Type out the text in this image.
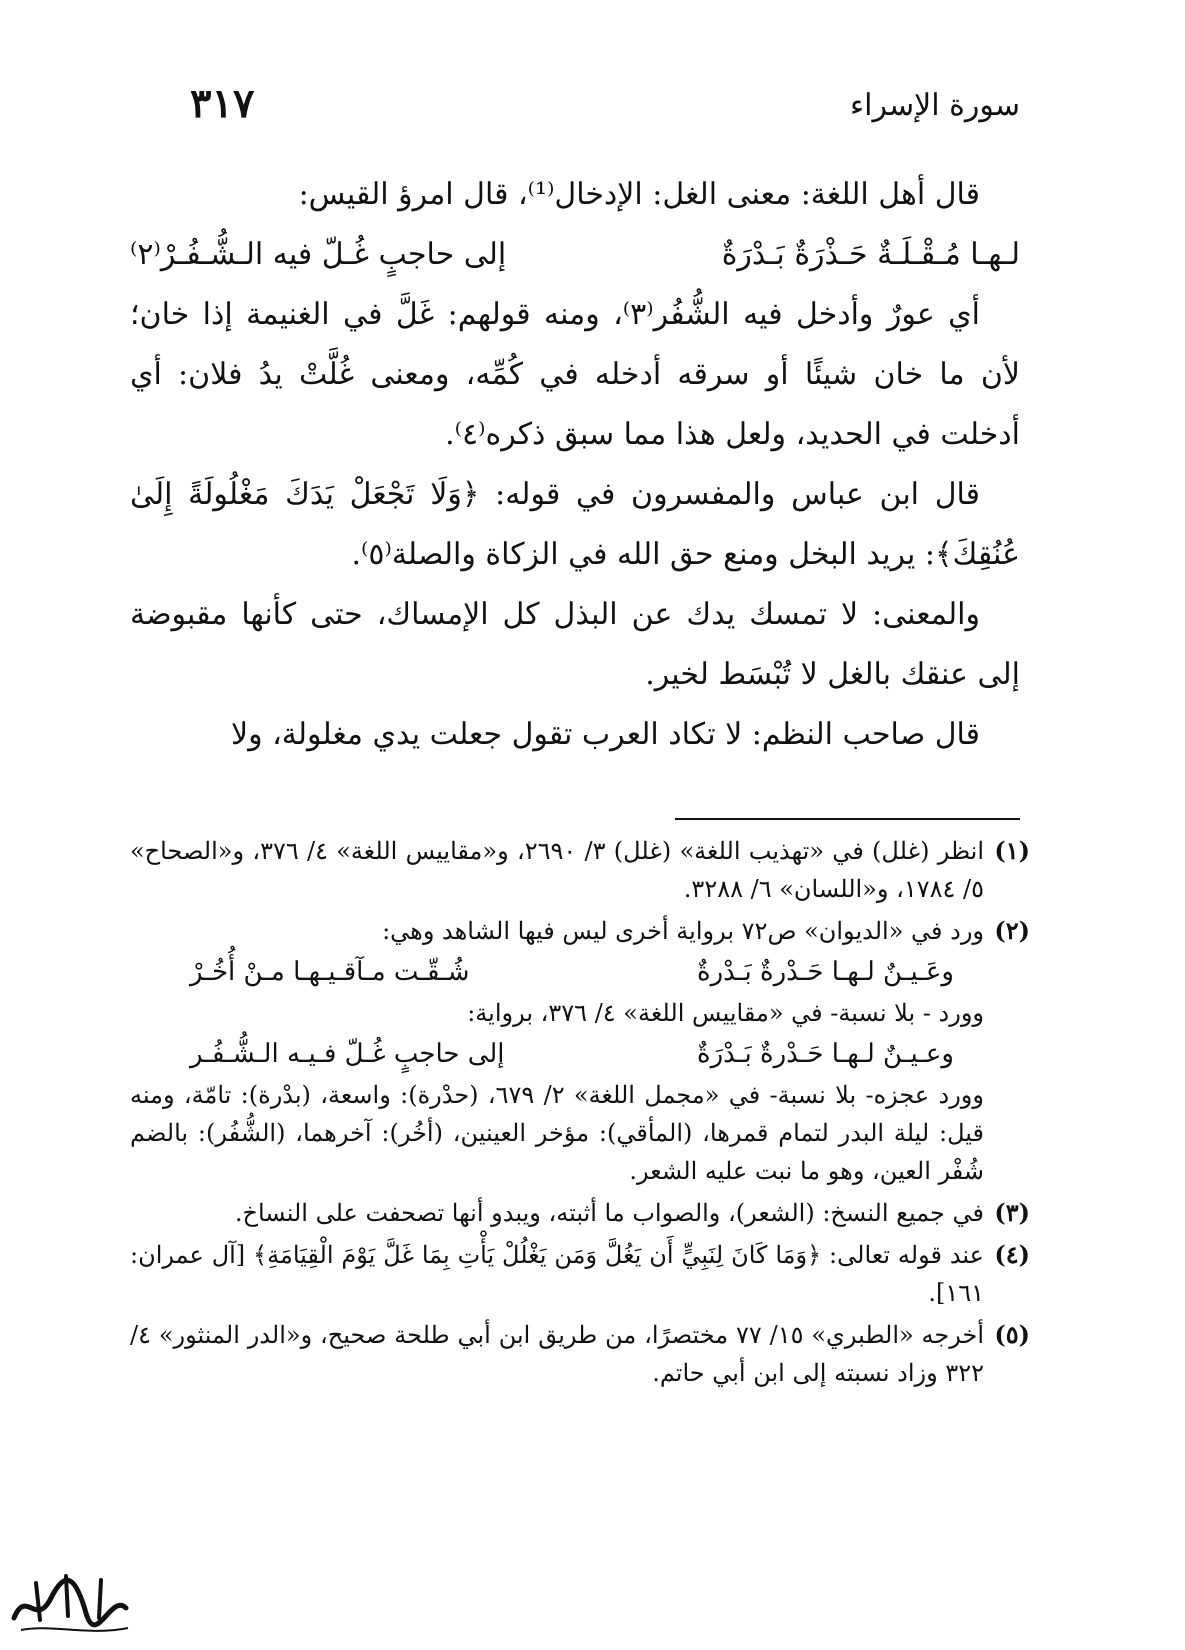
سورة الإسراء
٣١٧

قال أهل اللغة: معنى الغل: الإدخال⁽¹⁾، قال امرؤ القيس:

لـهـا مُـقْـلَـةٌ حَـذْرَةٌ بَـدْرَةٌ
إلى حاجبٍ غُـلّ فيه الـشُّـفُـرْ⁽٢⁾

أي عورٌ وأدخل فيه الشُّفُر⁽٣⁾، ومنه قولهم: غَلَّ في الغنيمة إذا خان؛ لأن ما خان شيئًا أو سرقه أدخله في كُمِّه، ومعنى غُلَّتْ يدُ فلان: أي أدخلت في الحديد، ولعل هذا مما سبق ذكره⁽٤⁾.

قال ابن عباس والمفسرون في قوله: ﴿وَلَا تَجْعَلْ يَدَكَ مَغْلُولَةً إِلَىٰ عُنُقِكَ﴾: يريد البخل ومنع حق الله في الزكاة والصلة⁽٥⁾.

والمعنى: لا تمسك يدك عن البذل كل الإمساك، حتى كأنها مقبوضة إلى عنقك بالغل لا تُبْسَط لخير.

قال صاحب النظم: لا تكاد العرب تقول جعلت يدي مغلولة، ولا

(١)

انظر (غلل) في «تهذيب اللغة» (غلل) ٣/ ٢٦٩٠، و«مقاييس اللغة» ٤/ ٣٧٦، و«الصحاح» ٥/ ١٧٨٤، و«اللسان» ٦/ ٣٢٨٨.

(٢)

ورد في «الديوان» ص٧٢ برواية أخرى ليس فيها الشاهد وهي:

وعَـيـنٌ لـهـا حَـدْرةٌ بَـدْرةٌ
شُـقّـت مـآقـيـهـا مـنْ أُخُـرْ

وورد - بلا نسبة- في «مقاييس اللغة» ٤/ ٣٧٦، برواية:

وعـيـنٌ لـهـا حَـدْرةٌ بَـدْرَةٌ
إلى حاجبٍ غُـلّ فـيـه الـشُّـفُـر

وورد عجزه- بلا نسبة- في «مجمل اللغة» ٢/ ٦٧٩، (حدْرة): واسعة، (بدْرة): تامّة، ومنه قيل: ليلة البدر لتمام قمرها، (المأقي): مؤخر العينين، (أخُر): آخرهما، (الشُّفُر): بالضم شُفْر العين، وهو ما نبت عليه الشعر.

(٣)

في جميع النسخ: (الشعر)، والصواب ما أثبته، ويبدو أنها تصحفت على النساخ.

(٤)

عند قوله تعالى: ﴿وَمَا كَانَ لِنَبِيٍّ أَن يَغُلَّ وَمَن يَغْلُلْ يَأْتِ بِمَا غَلَّ يَوْمَ الْقِيَامَةِ﴾ [آل عمران: ١٦١].

(٥)

أخرجه «الطبري» ١٥/ ٧٧ مختصرًا، من طريق ابن أبي طلحة صحيح، و«الدر المنثور» ٤/ ٣٢٢ وزاد نسبته إلى ابن أبي حاتم.
